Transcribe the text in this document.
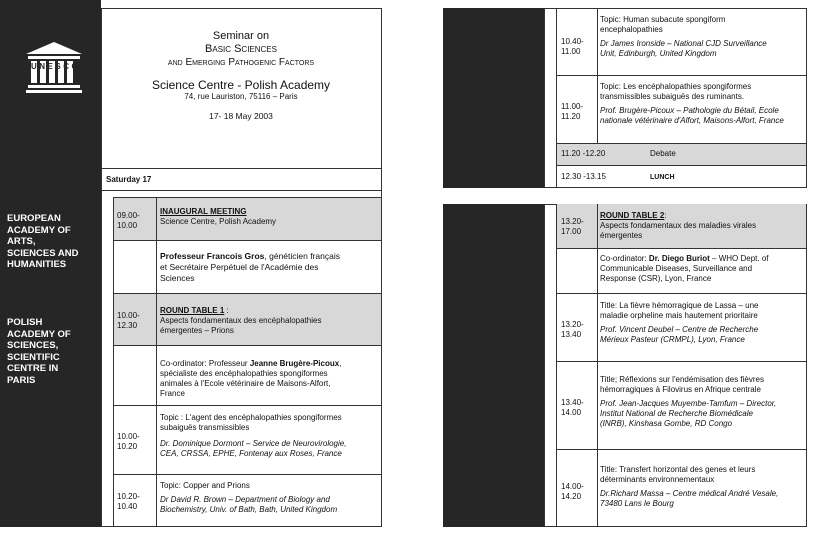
UNESCO
EUROPEAN
ACADEMY OF
ARTS,
SCIENCES AND
HUMANITIES
POLISH
ACADEMY OF
SCIENCES,
SCIENTIFIC
CENTRE IN
PARIS
Seminar on
Basic Sciences
and Emerging Pathogenic Factors
Science Centre - Polish Academy
74, rue Lauriston, 75116 – Paris
17- 18 May 2003
Saturday 17
09.00-
10.00
INAUGURAL MEETING
Science Centre, Polish Academy
Professeur Francois Gros, généticien français
et Secrétaire Perpétuel de l'Académie des
Sciences
10.00-
12.30
ROUND TABLE 1 :
Aspects fondamentaux des encéphalopathies
émergentes – Prions
Co-ordinator: Professeur Jeanne Brugère-Picoux,
spécialiste des encéphalopathies spongiformes
animales à l'Ecole vétérinaire de Maisons-Alfort,
France
10.00-
10.20
Topic : L'agent des encéphalopathies spongiformes
subaiguës transmissibles
Dr. Dominique Dormont – Service de Neurovirologie,
CEA, CRSSA, EPHE, Fontenay aux Roses, France
10.20-
10.40
Topic: Copper and Prions
Dr David R. Brown – Department of Biology and
Biochemistry, Univ. of Bath, Bath, United Kingdom
10.40-
11.00
Topic: Human subacute spongiform
encephalopathies
Dr James Ironside – National CJD Surveillance
Unit, Edinburgh, United Kingdom
11.00-
11.20
Topic: Les encéphalopathies spongiformes
transmissibles subaiguës des ruminants.
Prof. Brugère-Picoux – Pathologie du Bétail, Ecole
nationale vétérinaire d'Alfort, Maisons-Alfort, France
11.20 -12.20	Debate
12.30 -13.15	LUNCH
13.20-
17.00
ROUND TABLE 2:
Aspects fondamentaux des maladies virales
émergentes
Co-ordinator: Dr. Diego Buriot – WHO Dept. of
Communicable Diseases, Surveillance and
Response (CSR), Lyon, France
13.20-
13.40
Title: La fièvre hémorragique de Lassa – une
maladie orpheline mais hautement prioritaire
Prof. Vincent Deubel – Centre de Recherche
Mérieux Pasteur (CRMPL), Lyon, France
13.40-
14.00
Title; Réflexions sur l'endémisation des fièvres
hémorragiques à Filovirus en Afrique centrale
Prof. Jean-Jacques Muyembe-Tamfum – Director,
Institut National de Recherche Biomédicale
(INRB), Kinshasa Gombe, RD Congo
14.00-
14.20
Title: Transfert horizontal des genes et leurs
déterminants environnementaux
Dr.Richard Massa – Centre médical André Vesale,
73480 Lans le Bourg
